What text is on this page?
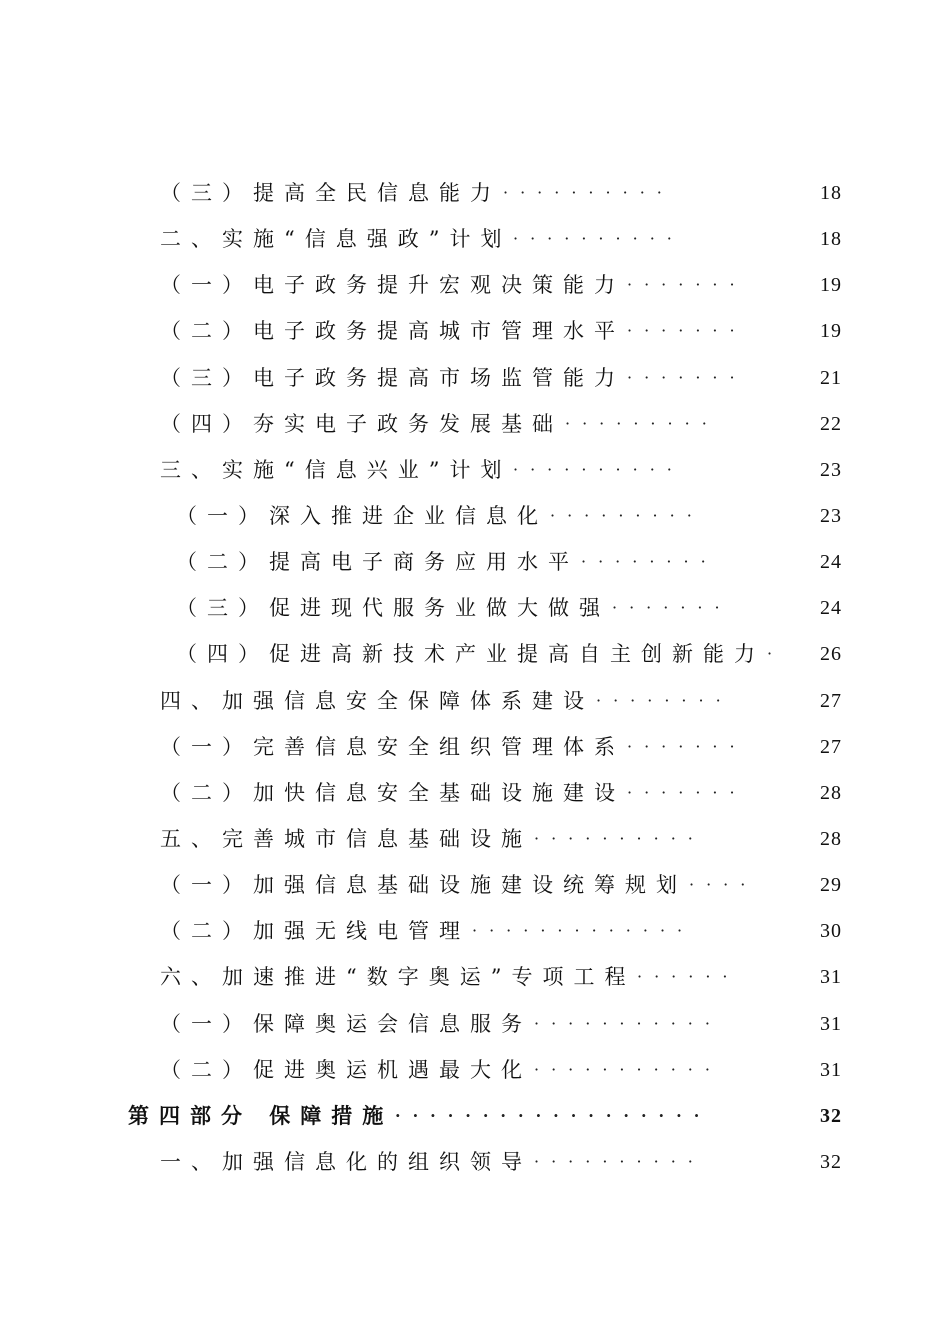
（三）提高全民信息能力 ··········	18
二、实施“信息强政”计划 ··········	18
（一）电子政务提升宏观决策能力 ·······	19
（二）电子政务提高城市管理水平 ·······	19
（三）电子政务提高市场监管能力 ·······	21
（四）夯实电子政务发展基础 ·········	22
三、实施“信息兴业”计划 ··········	23
（一）深入推进企业信息化 ·········	23
（二）提高电子商务应用水平 ········	24
（三）促进现代服务业做大做强 ·······	24
（四）促进高新技术产业提高自主创新能力 ·	26
四、加强信息安全保障体系建设 ········	27
（一）完善信息安全组织管理体系 ·······	27
（二）加快信息安全基础设施建设 ·······	28
五、完善城市信息基础设施 ··········	28
（一）加强信息基础设施建设统筹规划 ····	29
（二）加强无线电管理 ·············	30
六、加速推进“数字奥运”专项工程 ······	31
（一）保障奥运会信息服务 ···········	31
（二）促进奥运机遇最大化 ···········	31
第四部分 保障措施 ··················	32
一、加强信息化的组织领导 ··········	32
